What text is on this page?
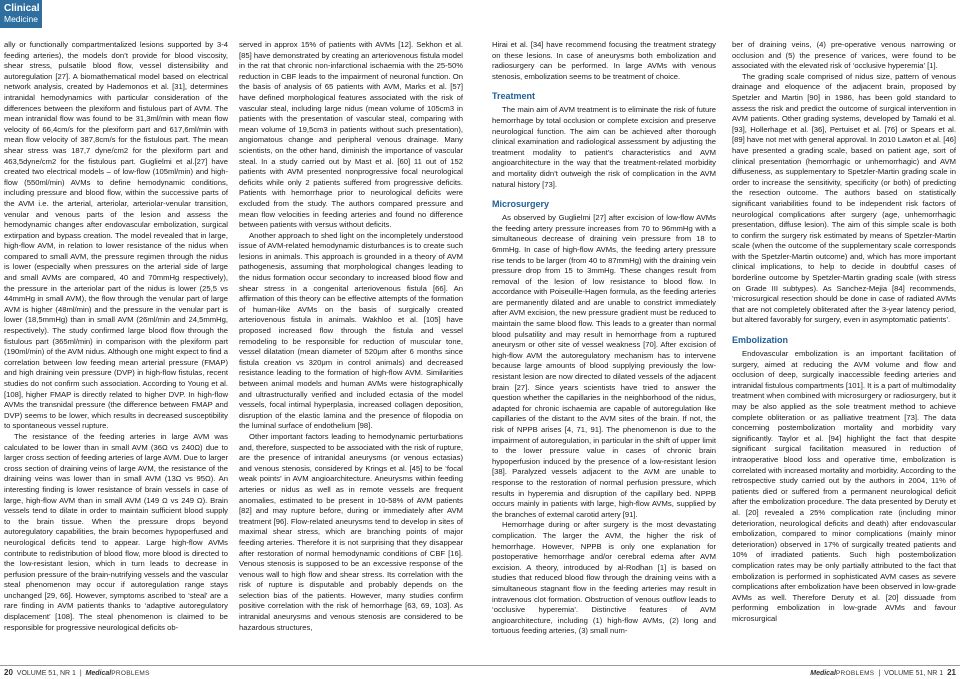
Clinical
Medicine

ally or functionally compartmentalized lesions supported by 3-4 feeding arteries), the models don’t provide for blood viscosity, shear stress, pulsatile blood flow, vessel distensibility and autoregulation [27]. A biomathematical model based on electrical network analysis, created by Hademonos et al. [31], determines intranidal hemodynamics with particular consideration of the differences between the plexiform and fistulous part of AVM. The mean intranidal flow was found to be 31,3ml/min with mean flow velocity of 66,4cm/s for the plexiform part and 617,6ml/min with mean flow velocity of 387,8cm/s for the fistulous part. The mean shear stress was 187,7 dyne/cm2 for the plexiform part and 463,5dyne/cm2 for the fistulous part. Guglielmi et al.[27] have created two electrical models – of low-flow (105ml/min) and high-flow (550ml/min) AVMs to define hemodynamic conditions, including pressure and blood flow, within the successive parts of the AVM i.e. the arterial, arteriolar, arteriolar-venular transition, venular and venous parts of the lesion and assess the hemodynamic changes after endovascular embolization, surgical extirpation and bypass creation. The model revealed that in large, high-flow AVM, in relation to lower resistance of the nidus when compared to small AVM, the pressure regimen through the nidus is lower (especially when pressures on the arterial side of large and small AVMs are compared, 40 and 70mmHg respectively), the pressure in the arteriolar part of the nidus is lower (25,5 vs 44mmHg in small AVM), the flow through the venular part of large AVM is higher (48ml/min) and the pressure in the venular part is lower (18,5mmHg) than in small AVM (26ml/min and 24,5mmHg, respectively). The study confirmed large blood flow through the fistulous part (365ml/min) in comparison with the plexiform part (190ml/min) of the AVM nidus. Although one might expect to find a correlation between low feeding mean arterial pressure (FMAP) and high draining vein pressure (DVP) in high-flow fistulas, recent studies do not confirm such association. According to Young et al. [108], higher FMAP is directly related to higher DVP. In high-flow AVMs the transnidal pressure (the difference between FMAP and DVP) seems to be lower, which results in decreased susceptibility to spontaneous vessel rupture.

The resistance of the feeding arteries in large AVM was calculated to be lower than in small AVM (36Ω vs 240Ω) due to larger cross section of feeding arteries of large AVM. Due to larger cross section of draining veins of large AVM, the resistance of the draining veins was lower than in small AVM (13Ω vs 95Ω). An interesting finding is lower resistance of brain vessels in case of large, high-flow AVM than in small AVM (149 Ω vs 249 Ω). Brain vessels tend to dilate in order to maintain sufficient blood supply to the brain tissue. When the pressure drops beyond autoregulatory capabilities, the brain becomes hypoperfused and neurological deficits tend to appear. Large high-flow AVMs contribute to redistribution of blood flow, more blood is directed to the low-resistant lesion, which in turn leads to decrease in perfusion pressure of the brain-nutrifying vessels and the vascular steal phenomenon may occur if autoregulation range stays unchanged [29, 66]. However, symptoms ascribed to ‘steal’ are a rare finding in AVM patients thanks to ‘adaptive autoregulatory displacement’ [108]. The steal phenomenon is claimed to be responsible for progressive neurological deficits ob-

served in approx 15% of patients with AVMs [12]. Sekhon et al. [85] have demonstrated by creating an arteriovenous fistula model in the rat that chronic non-infarctional ischaemia with the 25-50% reduction in CBF leads to the impairment of neuronal function. On the basis of analysis of 65 patients with AVM, Marks et al. [57] have defined morphological features associated with the risk of vascular steal, including large nidus (mean volume of 105cm3 in patients with the presentation of vascular steal, comparing with mean volume of 19,5cm3 in patients without such presentation), angiomatous change and peripheral venous drainage. Many scientists, on the other hand, diminish the importance of vascular steal. In a study carried out by Mast et al. [60] 11 out of 152 patients with AVM presented nonprogressive focal neurological deficits while only 2 patients suffered from progressive deficits. Patients with hemorrhage prior to neurological deficits were excluded from the study. The authors compared pressure and mean flow velocities in feeding arteries and found no difference between patients with versus without deficits.

Another approach to shed light on the incompletely understood issue of AVM-related hemodynamic disturbances is to create such lesions in animals. This approach is grounded in a theory of AVM pathogenesis, assuming that morphological changes leading to the nidus formation occur secondary to increased blood flow and shear stress in a congenital arteriovenous fistula [66]. An affirmation of this theory can be effective attempts of the formation of human-like AVMs on the basis of surgically created arteriovenous fistula in animals. Wakhloo et al. [105] have proposed increased flow through the fistula and vessel remodeling to be responsible for reduction of muscular tone, vessel dilatation (mean diameter of 520μm after 6 months since fistula creation vs 320μm in control animals) and decreased resistance leading to the formation of high-flow AVM. Similarities between animal models and human AVMs were histographically and ultrastructurally verified and included ectasia of the model vessels, focal intimal hyperplasia, increased collagen deposition, disruption of the elastic lamina and the presence of filopodia on the luminal surface of endothelium [98].

Other important factors leading to hemodynamic perturbations and, therefore, suspected to be associated with the risk of rupture, are the presence of intranidal aneurysms (or venous ectasias) and venous stenosis, considered by Krings et al. [45] to be ‘focal weak points’ in AVM angioarchitecture. Aneurysms within feeding arteries or nidus as well as in remote vessels are frequent anomalies, estimated to be present in 10-58% of AVM patients [82] and may rupture before, during or immediately after AVM treatment [96]. Flow-related aneurysms tend to develop in sites of maximal shear stress, which are branching points of major feeding arteries. Therefore it is not surprising that they disappear after restoration of normal hemodynamic conditions of CBF [16]. Venous stenosis is supposed to be an excessive response of the venous wall to high flow and shear stress. Its correlation with the risk of rupture is disputable and probably depends on the selection bias of the patients. However, many studies confirm positive correlation with the risk of hemorrhage [63, 69, 103]. As intranidal aneurysms and venous stenosis are considered to be hazardous structures,

Hirai et al. [34] have recommend focusing the treatment strategy on these lesions. In case of aneurysms both embolization and radiosurgery can be performed. In large AVMs with venous stenosis, embolization seems to be treatment of choice.

Treatment

The main aim of AVM treatment is to eliminate the risk of future hemorrhage by total occlusion or complete excision and preserve neurological function. The aim can be achieved after thorough clinical examination and radiological assessment by adjusting the treatment modality to patient’s characteristics and AVM angioarchitecture in the way that the treatment-related morbidity and mortality didn’t outweigh the risk of complication in the AVM natural history [73].

Microsurgery

As observed by Guglielmi [27] after excision of low-flow AVMs the feeding artery pressure increases from 70 to 96mmHg with a simultaneous decrease of draining vein pressure from 18 to 6mmHg. In case of high-flow AVMs, the feeding artery pressure rise tends to be larger (from 40 to 87mmHg) with the draining vein pressure drop from 15 to 3mmHg. These changes result from removal of the lesion of low resistance to blood flow. In accordance with Poiseuille-Hagen formula, as the feeding arteries are permanently dilated and are unable to constrict immediately after AVM excision, the new pressure gradient must be reduced to maintain the same blood flow. This leads to a greater than normal blood pulsatility and may result in hemorrhage from a ruptured aneurysm or other site of vessel weakness [70]. After excision of high-flow AVM the autoregulatory mechanism has to intervene because large amounts of blood supplying previously the low-resistant lesion are now directed to dilated vessels of the adjacent brain [27]. Since years scientists have tried to answer the question whether the capillaries in the neighborhood of the nidus, adapted for chronic ischaemia are capable of autoregulation like capillaries of the distant to the AVM sites of the brain. If not, the risk of NPPB arises [4, 71, 91]. The phenomenon is due to the impairment of autoregulation, in particular in the shift of upper limit to the lower pressure value in cases of chronic brain hypoperfusion induced by the presence of a low-resistant lesion [38]. Paralyzed vessels adjacent to the AVM are unable to response to the restoration of normal perfusion pressure, which results in hyperemia and disruption of the capillary bed. NPPB occurs mainly in patients with large, high-flow AVMs, supplied by the branches of external carotid artery [91].

Hemorrhage during or after surgery is the most devastating complication. The larger the AVM, the higher the risk of hemorrhage. However, NPPB is only one explanation for postoperative hemorrhage and/or cerebral edema after AVM excision. A theory, introduced by al-Rodhan [1] is based on studies that reduced blood flow through the draining veins with a simultaneous stagnant flow in the feeding arteries may result in intravenous clot formation. Obstruction of venous outflow leads to ‘occlusive hyperemia’. Distinctive features of AVM angioarchitecture, including (1) high-flow AVMs, (2) long and tortuous feeding arteries, (3) small num-

ber of draining veins, (4) pre-operative venous narrowing or occlusion and (5) the presence of varices, were found to be associated with the elevated risk of ‘occlusive hyperemia’ [1].

The grading scale comprised of nidus size, pattern of venous drainage and eloquence of the adjacent brain, proposed by Spetzler and Martin [90] in 1986, has been gold standard to assess the risk and predict the outcome of surgical intervention in AVM patients. Other grading systems, developed by Tamaki et al. [93], Hollerhage et al. [36], Pertuiset et al. [76] or Spears et al. [89] have not met with general approval. In 2010 Lawton et al. [46] have presented a grading scale, based on patient age, sort of clinical presentation (hemorrhagic or unhemorrhagic) and AVM diffuseness, as supplementary to Spetzler-Martin grading scale in order to increase the sensitivity, specificity (or both) of predicting the resection outcome. The authors based on statistically significant variabilities found to be independent risk factors of neurological complications after surgery (age, unhemorrhagic presentation, diffuse lesion). The aim of this simple scale is both to confirm the surgery risk estimated by means of Spetzler-Martin scale (when the outcome of the supplementary scale corresponds with the Spetzler-Martin outcome) and, which has more important clinical implications, to help to decide in doubtful cases of borderline outcome by Spetzler-Martin grading scale (with stress on Grade III subtypes). As Sanchez-Mejia [84] recommends, ‘microsurgical resection should be done in case of radiated AVMs that are not completely obliterated after the 3-year latency period, but altered favorably for surgery, even in asymptomatic patients’.

Embolization

Endovascular embolization is an important facilitation of surgery, aimed at reducing the AVM volume and flow and occlusion of deep, surgically inaccessible feeding arteries and intranidal fistulous compartments [101]. It is a part of multimodality treatment when combined with microsurgery or radiosurgery, but it may be also applied as the sole treatment method to achieve complete obliteration or as palliative treatment [73]. The data concerning postembolization mortality and morbidity vary significantly. Taylor et al. [94] highlight the fact that despite significant surgical facilitation measured in reduction of intraoperative blood loss and operative time, embolization is correlated with increased mortality and morbidity. According to the retrospective study carried out by the authors in 2004, 11% of patients died or suffered from a permanent neurological deficit after the embolization procedure. The data presented by Deruty et al. [20] revealed a 25% complication rate (including minor deterioration, neurological deficits and death) after endovascular embolization, compared to minor complications (mainly minor deterioration) observed in 17% of surgically treated patients and 10% of irradiated patients. Such high postembolization complication rates may be only partially attributed to the fact that embolization is performed in sophisticated AVM cases as severe complications after embolization have been observed in low-grade AVMs as well. Therefore Deruty et al. [20] dissuade from performing embolization in low-grade AVMs and favour microsurgical

20 VOLUME 51, NR 1  |  MedicalPROBLEMS	MedicalPROBLEMS  |  VOLUME 51, NR 1 21
